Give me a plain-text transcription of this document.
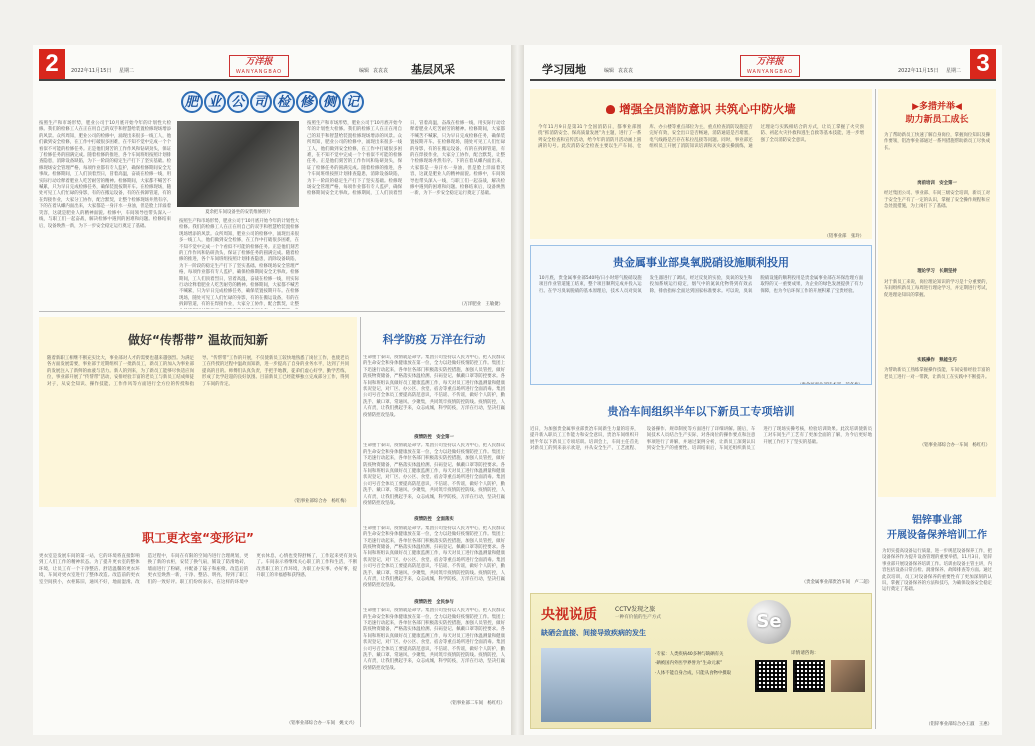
2	2022年11月15日 星期二
万洋报
WANYANGBAO	编辑 袁袁袁 基层风采
肥 业 公 司 检 修 侧 记
夏余把车间设备坐的安装维修照片
按照生产和市场形势，肥业公司于10月底开始今年的计划性大检修。我们的检修工人在正在用自己的双手和智慧给装置检修现场增添的风景。众所周知，肥业公司的检修中，涌现出来很多一线工人，他们做到安全检修，在工作中打破很多困难，在不知不觉中完成一个个看似不可能的检修任务。正是他们刻苦的工作作风和钻研劲头，保证了检修任务的圆满完成。随着检修的推进，各个车间班组按照计划排查隐患，消除设备缺陷，为下一阶段的稳定生产打下了坚实基础。检修现场安全管理严格，每项作业都有专人监护，确保检修期间安全无事故。检修期间，工人们顶着烈日，冒着高温，奋战在检修一线，用实际行动诠释着肥业人吃苦耐劳的精神。检修期间，大家都不喊苦不喊累，只为早日完成检修任务，确保装置按期开车。在检修现场，随处可见工人们忙碌的身影，有的在搬运设备，有的在拆卸管道，有的在焊接作业，大家分工协作，配合默契，让整个检修现场井然有序。下的在着从螺内面出来，大家都是一身汗水一身油，但是脸上洋溢着笑容，这就是肥业人的精神面貌。检修中，车间领导也带头深入一线，与职工们一起奋战，解决检修中遇到的困难和问题。检修结束后，设备焕然一新，为下一步安全稳定运行奠定了基础。
按照生产和市场形势，肥业公司于10月底开始今年的计划性大检修。我们的检修工人在正在用自己的双手和智慧给装置检修现场增添的风景。众所周知，肥业公司的检修中，涌现出来很多一线工人，他们做到安全检修，在工作中打破很多困难，在不知不觉中完成一个个看似不可能的检修任务。正是他们刻苦的工作作风和钻研劲头，保证了检修任务的圆满完成。随着检修的推进，各个车间班组按照计划排查隐患，消除设备缺陷，为下一阶段的稳定生产打下了坚实基础。检修现场安全管理严格，每项作业都有专人监护，确保检修期间安全无事故。检修期间，工人们顶着烈日，冒着高温，奋战在检修一线，用实际行动诠释着肥业人吃苦耐劳的精神。检修期间，大家都不喊苦不喊累，只为早日完成检修任务，确保装置按期开车。在检修现场，随处可见工人们忙碌的身影，有的在搬运设备，有的在拆卸管道，有的在焊接作业，大家分工协作，配合默契，让整
按照生产和市场形势，肥业公司于10月底开始今年的计划性大检修。我们的检修工人在正在用自己的双手和智慧给装置检修现场增添的风景。众所周知，肥业公司的检修中，涌现出来很多一线工人，他们做到安全检修，在工作中打破很多困难，在不知不觉中完成一个个看似不可能的检修任务。正是他们刻苦的工作作风和钻研劲头，保证了检修任务的圆满完成。随着检修的推进，各个车间班组按照计划排查隐患，消除设备缺陷，为下一阶段的稳定生产打下了坚实基础。检修现场安全管理严格，每项作业都有专人监护，确保检修期间安全无事故。检修期间，工人们顶着烈日，冒着高温，奋战在检修一线，用实际行动诠释着肥业人吃苦耐劳的精神。检修期间，大家都不喊苦不喊累，只为早日完成检修任务，确保装置按期开车。在检修现场，随处可见工人们忙碌的身影，有的在搬运设备，有的在拆卸管道，有的在焊接作业，大家分工协作，配合默契，让整个检修现场井然有序。下的在着从螺内面出来，大家都是一身汗水一身油，但是脸上洋溢着笑容，这就是肥业人的精神面貌。检修中，车间领导也带头深入一线，与职工们一起奋战，解决检修中遇到的困难和问题。检修结束后，设备焕然一新，为下一步安全稳定运行奠定了基础。
（万洋肥业　王敏捷）
做好“传帮带” 温故而知新
随着新职工相继不断充实比大，事业部对人才的需要也越来越强烈。为满足各方面发展需要，事业部于近期组织了一批新员工，新员工的加入为事业部的发展注入了新鲜的血液与活力。新人的到来，为了新员工能够尽快适应岗位，事业部开展了“传帮带”活动，安排经验丰富的老员工与新员工结成师徒对子，从安全知识、操作技能、工作作风等方面进行全方位的传授和指导。“传帮带”工作的开展，不仅使新员工较快地熟悉了岗位工作，也使老员工在传授的过程中温故而知新，进一步提高了自身的业务水平，达到了共同提高的目的。师傅们认真负责，手把手地教，徒弟们虚心好学，勤学苦练，形成了比学赶超的良好氛围。目前新员工已经能够独立完成部分工作，得到了车间的肯定。
（铝事业部综合办　杨红梅）
科学防疫 万洋在行动
生命重于泰山，疫情就是命令。集团公司坚持以人民为中心，把人民群众的生命安全和身体健康放在第一位，全力以赴做好疫情防控工作。集团上下迅速行动起来，各单位各部门积极落实防控措施，加强人员管控，做好防疫物资储备，严格落实体温检测、扫码登记、佩戴口罩等防控要求。各车间和班组认真做好员工健康监测工作，每天对员工进行体温测量和健康状况登记，对厂区、办公区、食堂、宿舍等重点场所进行全面消毒。集团公司号召全体员工要提高防范意识，不信谣、不传谣，做好个人防护，勤洗手、戴口罩、常通风、少聚集，共同筑牢疫情防控防线。疫情防控，人人有责，让我们携起手来，众志成城，科学防疫，万洋在行动，坚决打赢疫情防控攻坚战。
疫情防控　安全第一
生命重于泰山，疫情就是命令。集团公司坚持以人民为中心，把人民群众的生命安全和身体健康放在第一位，全力以赴做好疫情防控工作。集团上下迅速行动起来，各单位各部门积极落实防控措施，加强人员管控，做好防疫物资储备，严格落实体温检测、扫码登记、佩戴口罩等防控要求。各车间和班组认真做好员工健康监测工作，每天对员工进行体温测量和健康状况登记，对厂区、办公区、食堂、宿舍等重点场所进行全面消毒。集团公司号召全体员工要提高防范意识，不信谣、不传谣，做好个人防护，勤洗手、戴口罩、常通风、少聚集，共同筑牢疫情防控防线。疫情防控，人人有责，让我们携起手来，众志成城，科学防疫，万洋在行动，坚决打赢疫情防控攻坚战。
疫情防控　全面落实
生命重于泰山，疫情就是命令。集团公司坚持以人民为中心，把人民群众的生命安全和身体健康放在第一位，全力以赴做好疫情防控工作。集团上下迅速行动起来，各单位各部门积极落实防控措施，加强人员管控，做好防疫物资储备，严格落实体温检测、扫码登记、佩戴口罩等防控要求。各车间和班组认真做好员工健康监测工作，每天对员工进行体温测量和健康状况登记，对厂区、办公区、食堂、宿舍等重点场所进行全面消毒。集团公司号召全体员工要提高防范意识，不信谣、不传谣，做好个人防护，勤洗手、戴口罩、常通风、少聚集，共同筑牢疫情防控防线。疫情防控，人人有责，让我们携起手来，众志成城，科学防疫，万洋在行动，坚决打赢疫情防控攻坚战。
疫情防控　全民参与
生命重于泰山，疫情就是命令。集团公司坚持以人民为中心，把人民群众的生命安全和身体健康放在第一位，全力以赴做好疫情防控工作。集团上下迅速行动起来，各单位各部门积极落实防控措施，加强人员管控，做好防疫物资储备，严格落实体温检测、扫码登记、佩戴口罩等防控要求。各车间和班组认真做好员工健康监测工作，每天对员工进行体温测量和健康状况登记，对厂区、办公区、食堂、宿舍等重点场所进行全面消毒。集团公司号召全体员工要提高防范意识，不信谣、不传谣，做好个人防护，勤洗手、戴口罩、常通风、少聚集，共同筑牢疫情防控防线。疫情防控，人人有责，让我们携起手来，众志成城，科学防疫，万洋在行动，坚决打赢疫情防控攻坚战。
（铝事业部二车间　杨红红）
职工更衣室“变形记”
更衣室是发展车间的第一站，它的环境将直接影响到工人们工作的精神状态。为了提升更衣室的整体环境，让员工有一个干净整洁、舒适温馨的更衣环境，车间对更衣室进行了整体改造。改造前的更衣室空间狭小，衣柜陈旧，通风不好，地面湿滑。改造过程中，车间在有限的空间内进行合理规划，更换了新的衣柜，安装了换气扇，铺设了防滑地砖，墙面进行了粉刷，并配备了镜子和座椅。改造后的更衣室焕然一新，干净、整洁、明亮，得到了职工们的一致好评。职工们纷纷表示，在这样的环境中更衣休息，心情也变得舒畅了，工作起来更有劲头了。车间表示将继续关心职工的工作和生活，不断改善职工的工作环境，为职工办实事、办好事，提升职工的幸福感和获得感。
（铝事业部综合办一车间　姚文兴）
学习园地	编辑 袁袁袁
万洋报
WANYANGBAO	2022年11月15日 星期二 3
增强全员消防意识 共筑心中防火墙
今年11月9日是第31个全国消防日，都事业部围绕“抓消防安全、保高质量发展”为主题，进行了一系列安全检查和宣传活动，给今年的消防月活动画上圆满的句号。此次消防安全检查主要以生产车间、仓库、办公楼等重点部位为主，重点检查消防设施是否完好有效，安全出口是否畅通，消防通道是否堵塞，电气线路是否存在私拉乱接等问题。同时，事业部还组织员工开展了消防知识培训和灭火器实操演练，通过理论与实践相结合的方式，让员工掌握了火灾预防、初起火灾扑救和逃生自救等基本技能，进一步增强了全员消防安全意识。
（铝事业部　张玲）
贵金属事业部臭氧脱硝设施顺利投用
10月底，贵金属事业部540吨/日小时熔气脱硝设施项目作业管道施工结束，整个项目顺利完成并投入运行。在学习臭氧脱硝的基本原理后，技术人员对臭氧发生器进行了调试，经过反复的实验，臭氧的发生和投加系统运行稳定，烟气中的氮氧化物得到有效去除，排放指标全面达到国家标准要求。可以说，臭氧脱硝设施的顺利投用是贵金属事业部在环保治理方面取得的又一重要成果，为企业的绿色发展提供了有力保障，也为今后环保工作的开展积累了宝贵经验。
贵冶车间组织半年以下新员工专项培训
近日，为加强贵金属事业部贵冶车间新生力量的培养，提升新入职员工工作能力和安全意识，贵冶车间组织开展半年以下新员工专项培训。培训会上，车间主任首先对新员工的到来表示欢迎，并从安全生产、工艺流程、设备操作、规章制度等方面进行了详细讲解。随后，车间技术人员结合生产实际，对各岗位的操作要点和注意事项进行了讲解，并通过案例分析，让新员工深刻认识到安全生产的重要性。培训结束后，车间还组织新员工进行了现场实操考核，检验培训效果。此次培训使新员工对车间生产工艺有了更加全面的了解，为今后更好地开展工作打下了坚实的基础。
（贵金属事业部贵冶车间　卢二超）
央视说质	CCTV发现之旅
一种有价值的生产方式
缺硒会直接、间接导致疾病的发生
Se
·专家：人类疾病40多种与缺硒有关
·硒被国内外医学界誉为“生命元素”
·人体不能自身合成，只能从食物中摄取
详情请咨询：
▶多措并举◀
助力新员工成长
为了帮助新员工快速了解自身岗位，掌握岗位知识及操作要领，铝冶事业部通过一系列措施帮助新员工尽快成长。
岗前培训　安全第一
经过集团公司、事业部、车间三级安全培训，新员工对于安全生产有了一定的认识，掌握了安全操作规程和应急处置措施，为上岗打下了基础。
理论学习　长期坚持
对于新员工来说，岗位理论知识的学习是十分重要的，车间组织新员工每周进行理论学习，并定期进行考试，促进理论知识的掌握。
实践操作　熟能生巧
为帮助新员工熟练掌握操作技能，车间安排经验丰富的老员工进行一对一带教，让新员工在实践中不断提升。
（铝事业部综合办一车间　杨红红）
铝锌事业部
开展设备保养培训工作
为切实提高设备运行质量，进一步规范设备保养工作，把设备保养作为提升设备管理的重要举措，11月3日，铝锌事业部开展设备保养培训工作。培训由设备主管主讲，内容包括设备日常点检、润滑保养、故障排查等方面。通过此次培训，员工对设备保养的重要性有了更加深刻的认识，掌握了设备保养的方法和技巧，为确保设备安全稳定运行奠定了基础。
（铝锌事业部综合办王淑　王惠）
